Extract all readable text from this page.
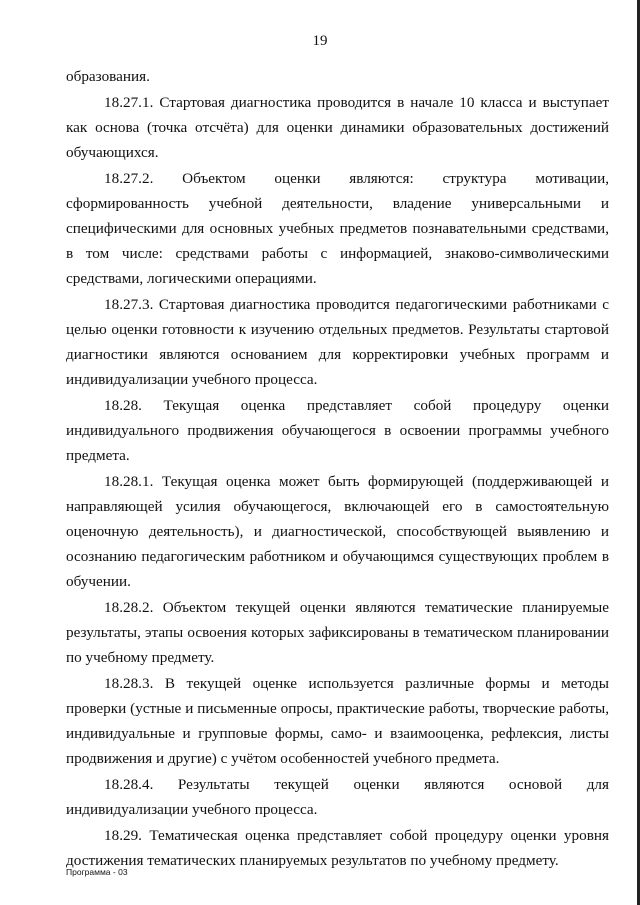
19

образования.

18.27.1. Стартовая диагностика проводится в начале 10 класса и выступает как основа (точка отсчёта) для оценки динамики образовательных достижений обучающихся.

18.27.2. Объектом оценки являются: структура мотивации, сформированность учебной деятельности, владение универсальными и специфическими для основных учебных предметов познавательными средствами, в том числе: средствами работы с информацией, знаково-символическими средствами, логическими операциями.

18.27.3. Стартовая диагностика проводится педагогическими работниками с целью оценки готовности к изучению отдельных предметов. Результаты стартовой диагностики являются основанием для корректировки учебных программ и индивидуализации учебного процесса.

18.28. Текущая оценка представляет собой процедуру оценки индивидуального продвижения обучающегося в освоении программы учебного предмета.

18.28.1. Текущая оценка может быть формирующей (поддерживающей и направляющей усилия обучающегося, включающей его в самостоятельную оценочную деятельность), и диагностической, способствующей выявлению и осознанию педагогическим работником и обучающимся существующих проблем в обучении.

18.28.2. Объектом текущей оценки являются тематические планируемые результаты, этапы освоения которых зафиксированы в тематическом планировании по учебному предмету.

18.28.3. В текущей оценке используется различные формы и методы проверки (устные и письменные опросы, практические работы, творческие работы, индивидуальные и групповые формы, само- и взаимооценка, рефлексия, листы продвижения и другие) с учётом особенностей учебного предмета.

18.28.4. Результаты текущей оценки являются основой для индивидуализации учебного процесса.

18.29. Тематическая оценка представляет собой процедуру оценки уровня достижения тематических планируемых результатов по учебному предмету.

Программа - 03
